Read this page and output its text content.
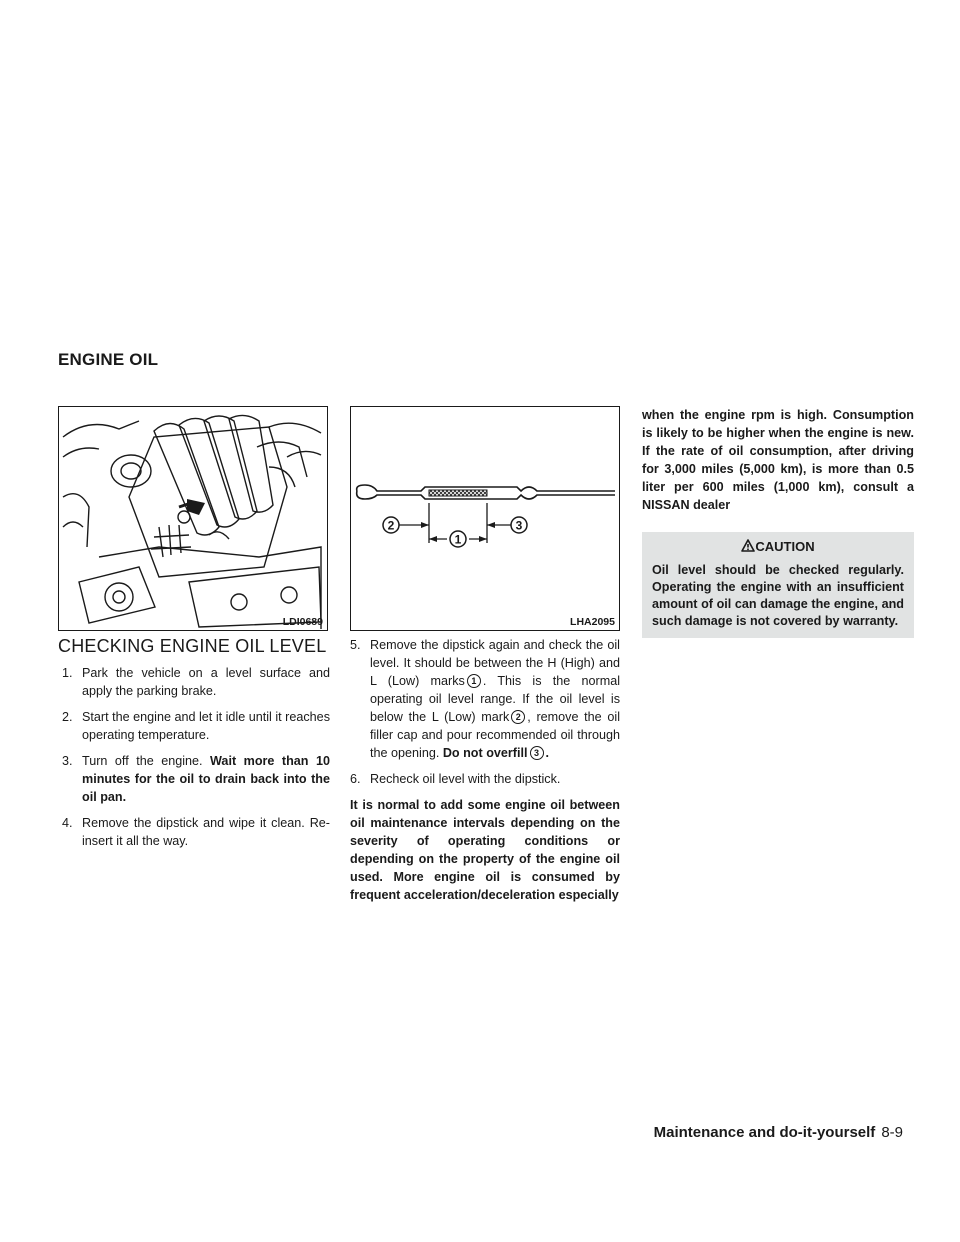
ENGINE OIL
LDI0689
2
1
3
LHA2095
CHECKING ENGINE OIL LEVEL
1. Park the vehicle on a level surface and apply the parking brake.
2. Start the engine and let it idle until it reaches operating temperature.
3. Turn off the engine. Wait more than 10 minutes for the oil to drain back into the oil pan.
4. Remove the dipstick and wipe it clean. Re-insert it all the way.
5. Remove the dipstick again and check the oil level. It should be between the H (High) and L (Low) marks 1 . This is the normal operating oil level range. If the oil level is below the L (Low) mark 2 , remove the oil filler cap and pour recommended oil through the opening. Do not overfill 3 .
6. Recheck oil level with the dipstick.

It is normal to add some engine oil between oil maintenance intervals depending on the severity of operating conditions or depending on the property of the engine oil used. More engine oil is consumed by frequent acceleration/deceleration especially

when the engine rpm is high. Consumption is likely to be higher when the engine is new. If the rate of oil consumption, after driving for 3,000 miles (5,000 km), is more than 0.5 liter per 600 miles (1,000 km), consult a NISSAN dealer

CAUTION
Oil level should be checked regularly. Operating the engine with an insufficient amount of oil can damage the engine, and such damage is not covered by warranty.
Maintenance and do-it-yourself 8-9
